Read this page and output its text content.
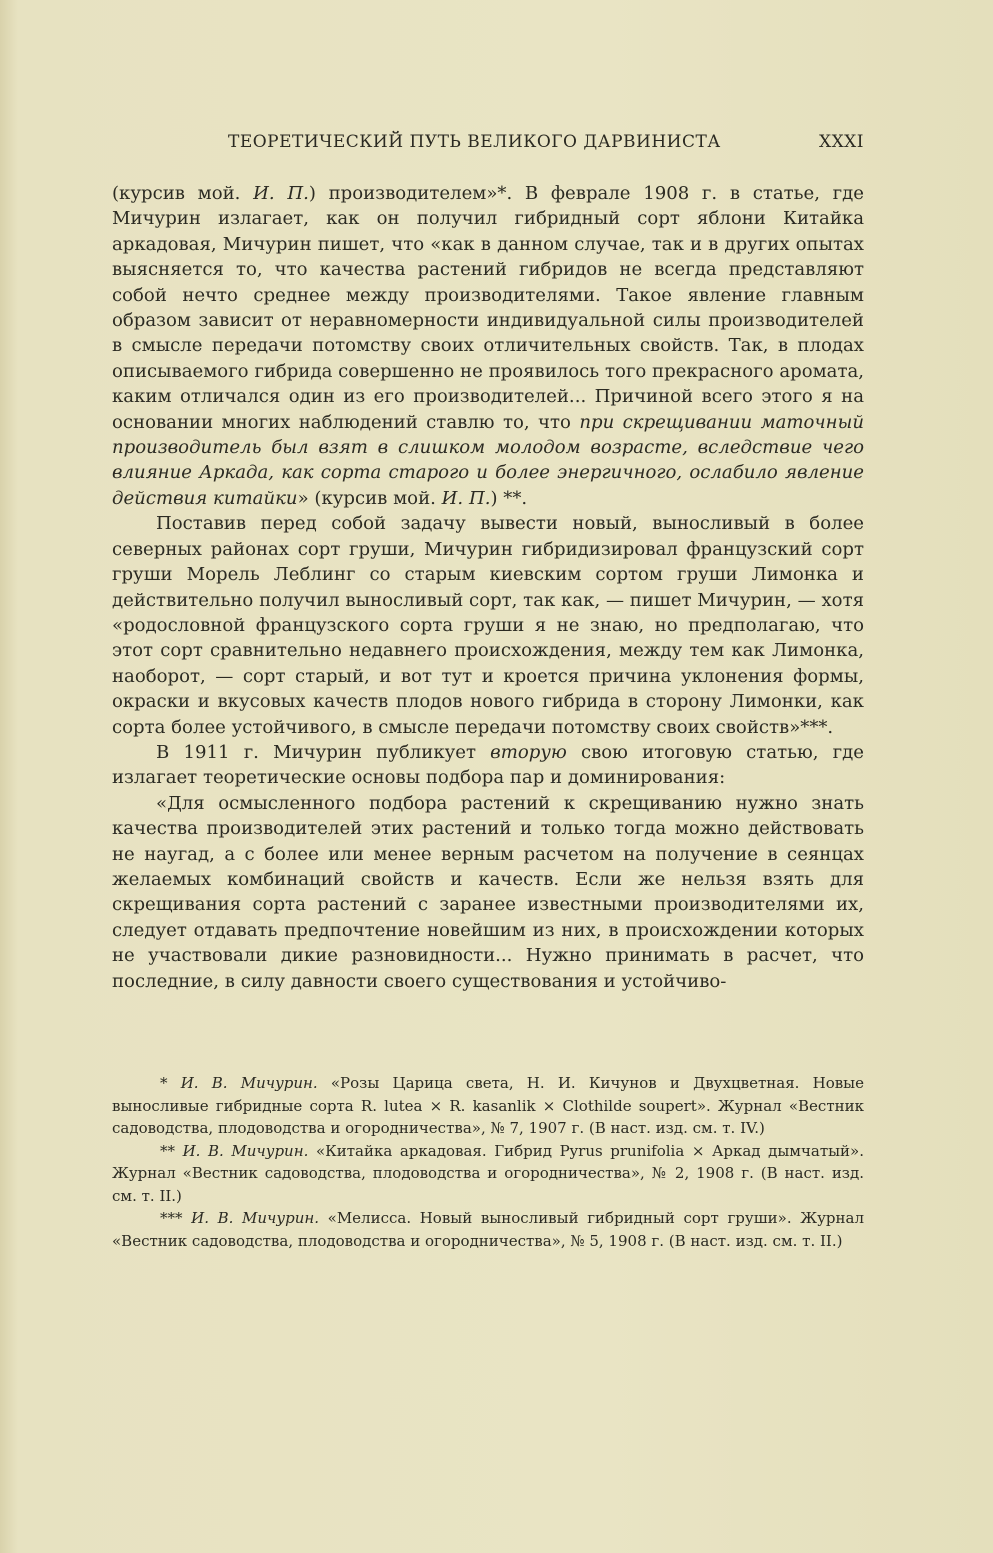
ТЕОРЕТИЧЕСКИЙ ПУТЬ ВЕЛИКОГО ДАРВИНИСТА	XXXI

(курсив мой. И. П.) производителем»*. В феврале 1908 г. в статье, где Мичурин излагает, как он получил гибридный сорт яблони Китайка аркадовая, Мичурин пишет, что «как в данном случае, так и в других опытах выясняется то, что качества растений гибридов не всегда представляют собой нечто среднее между производителями. Такое явление главным образом зависит от неравномерности индивидуальной силы производителей в смысле передачи потомству своих отличительных свойств. Так, в плодах описываемого гибрида совершенно не проявилось того прекрасного аромата, каким отличался один из его производителей... Причиной всего этого я на основании многих наблюдений ставлю то, что при скрещивании маточный производитель был взят в слишком молодом возрасте, вследствие чего влияние Аркада, как сорта старого и более энергичного, ослабило явление действия китайки» (курсив мой. И. П.) **.

Поставив перед собой задачу вывести новый, выносливый в более северных районах сорт груши, Мичурин гибридизировал французский сорт груши Морель Леблинг со старым киевским сортом груши Лимонка и действительно получил выносливый сорт, так как, — пишет Мичурин, — хотя «родословной французского сорта груши я не знаю, но предполагаю, что этот сорт сравнительно недавнего происхождения, между тем как Лимонка, наоборот, — сорт старый, и вот тут и кроется причина уклонения формы, окраски и вкусовых качеств плодов нового гибрида в сторону Лимонки, как сорта более устойчивого, в смысле передачи потомству своих свойств»***.

В 1911 г. Мичурин публикует вторую свою итоговую статью, где излагает теоретические основы подбора пар и доминирования:

«Для осмысленного подбора растений к скрещиванию нужно знать качества производителей этих растений и только тогда можно действовать не наугад, а с более или менее верным расчетом на получение в сеянцах желаемых комбинаций свойств и качеств. Если же нельзя взять для скрещивания сорта растений с заранее известными производителями их, следует отдавать предпочтение новейшим из них, в происхождении которых не участвовали дикие разновидности... Нужно принимать в расчет, что последние, в силу давности своего существования и устойчиво-

* И. В. Мичурин. «Розы Царица света, Н. И. Кичунов и Двухцветная. Новые выносливые гибридные сорта R. lutea × R. kasanlik × Clothilde soupert». Журнал «Вестник садоводства, плодоводства и огородничества», № 7, 1907 г. (В наст. изд. см. т. IV.)

** И. В. Мичурин. «Китайка аркадовая. Гибрид Pyrus prunifolia × Аркад дымчатый». Журнал «Вестник садоводства, плодоводства и огородничества», № 2, 1908 г. (В наст. изд. см. т. II.)

*** И. В. Мичурин. «Мелисса. Новый выносливый гибридный сорт груши». Журнал «Вестник садоводства, плодоводства и огородничества», № 5, 1908 г. (В наст. изд. см. т. II.)
